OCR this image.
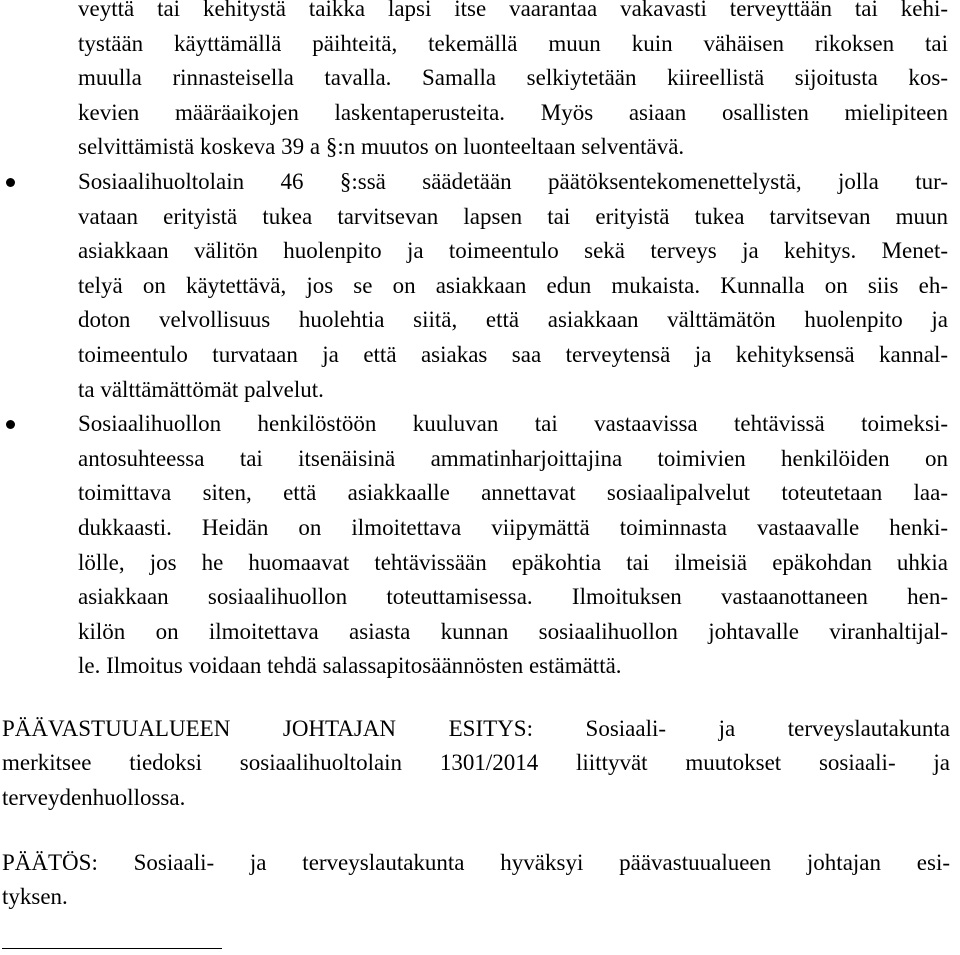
veyttä tai kehitystä taikka lapsi itse vaarantaa vakavasti terveyttään tai kehi-
tystään käyttämällä päihteitä, tekemällä muun kuin vähäisen rikoksen tai
muulla rinnasteisella tavalla. Samalla selkiytetään kiireellistä sijoitusta kos-
kevien määräaikojen laskentaperusteita. Myös asiaan osallisten mielipiteen
selvittämistä koskeva 39 a §:n muutos on luonteeltaan selventävä.
Sosiaalihuoltolain 46 §:ssä säädetään päätöksentekomenettelystä, jolla tur-
vataan erityistä tukea tarvitsevan lapsen tai erityistä tukea tarvitsevan muun
asiakkaan välitön huolenpito ja toimeentulo sekä terveys ja kehitys. Menet-
telyä on käytettävä, jos se on asiakkaan edun mukaista. Kunnalla on siis eh-
doton velvollisuus huolehtia siitä, että asiakkaan välttämätön huolenpito ja
toimeentulo turvataan ja että asiakas saa terveytensä ja kehityksensä kannal-
ta välttämättömät palvelut.
Sosiaalihuollon henkilöstöön kuuluvan tai vastaavissa tehtävissä toimeksi-
antosuhteessa tai itsenäisinä ammatinharjoittajina toimivien henkilöiden on
toimittava siten, että asiakkaalle annettavat sosiaalipalvelut toteutetaan laa-
dukkaasti. Heidän on ilmoitettava viipymättä toiminnasta vastaavalle henki-
lölle, jos he huomaavat tehtävissään epäkohtia tai ilmeisiä epäkohdan uhkia
asiakkaan sosiaalihuollon toteuttamisessa. Ilmoituksen vastaanottaneen hen-
kilön on ilmoitettava asiasta kunnan sosiaalihuollon johtavalle viranhaltijal-
le. Ilmoitus voidaan tehdä salassapitosäännösten estämättä.
PÄÄVASTUUALUEEN JOHTAJAN ESITYS: Sosiaali- ja terveyslautakunta
merkitsee tiedoksi sosiaalihuoltolain 1301/2014 liittyvät muutokset sosiaali- ja
terveydenhuollossa.
PÄÄTÖS: Sosiaali- ja terveyslautakunta hyväksyi päävastuualueen johtajan esi-
tyksen.
